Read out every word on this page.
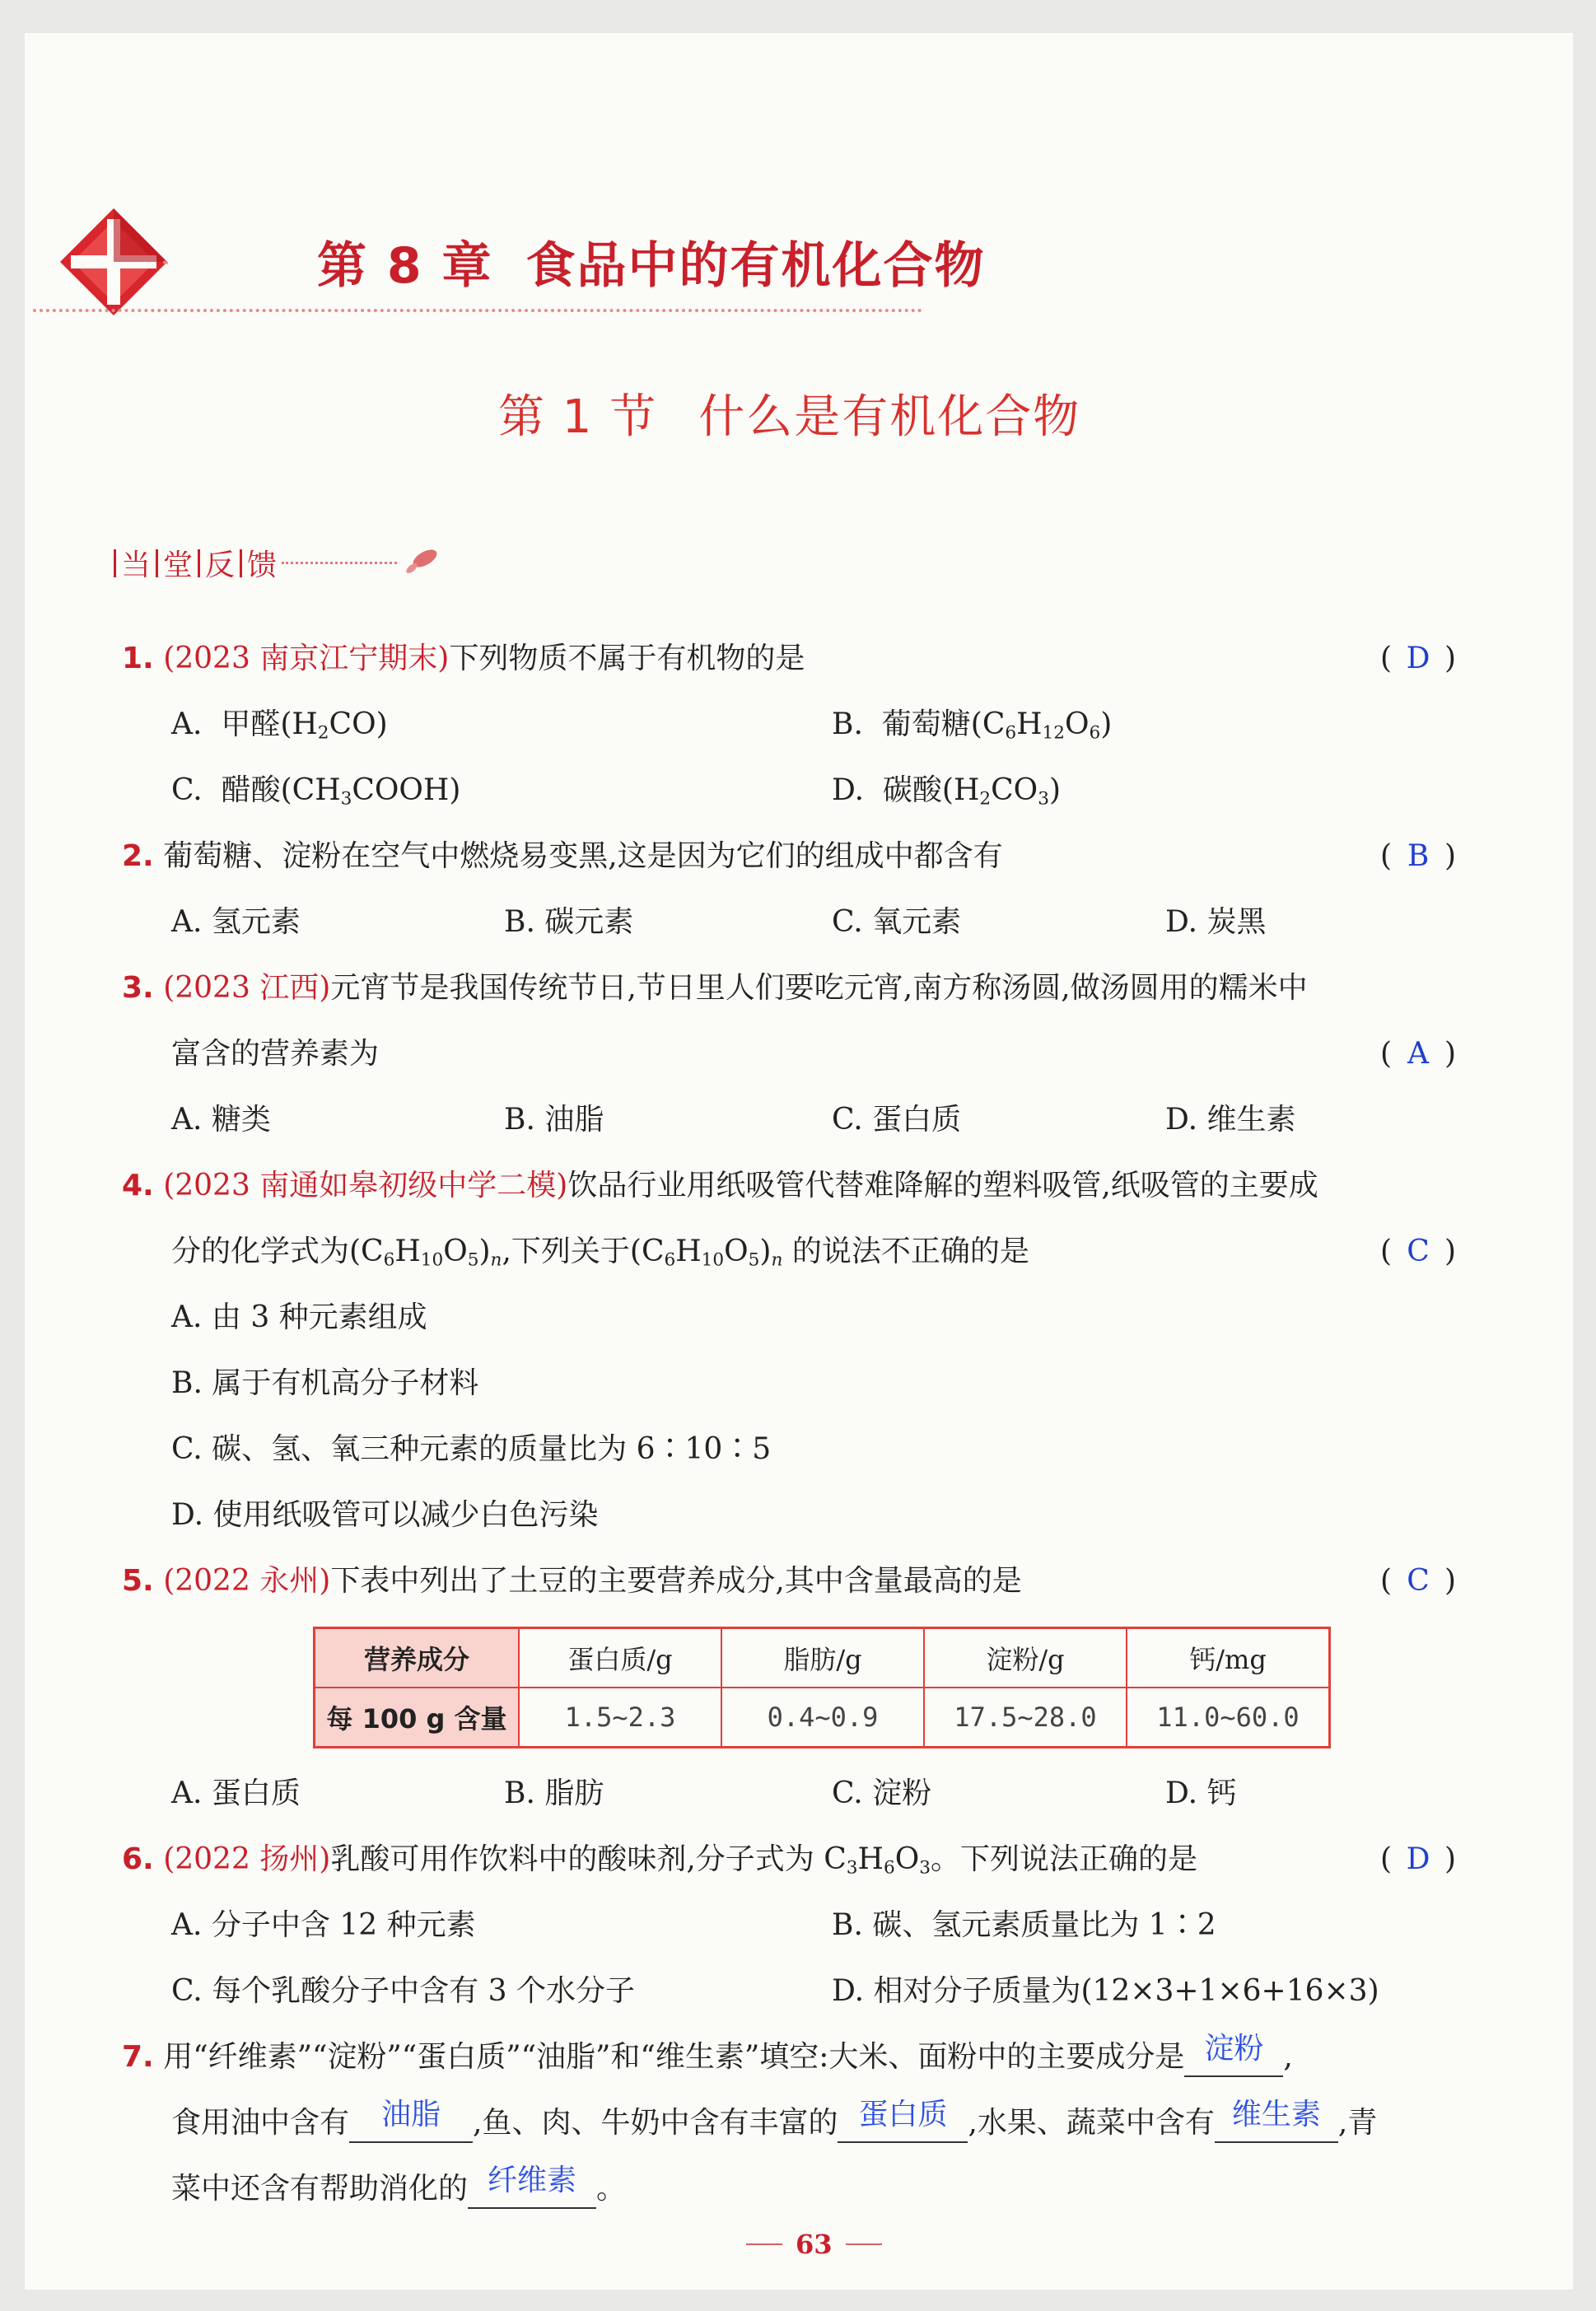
第 8 章 食品中的有机化合物
第 1 节 什么是有机化合物
当 堂 反 馈
1. (2023 南京江宁期末)下列物质不属于有机物的是	( D )
A. 甲醛$(H_2CO)$	B. 葡萄糖$(C_6H_{12}O_6)$
C. 醋酸$(CH_3COOH)$	D. 碳酸$(H_2CO_3)$
2. 葡萄糖、淀粉在空气中燃烧易变黑,这是因为它们的组成中都含有	( B )
A. 氢元素	B. 碳元素	C. 氧元素	D. 炭黑
3. (2023 江西)元宵节是我国传统节日,节日里人们要吃元宵,南方称汤圆,做汤圆用的糯米中
富含的营养素为	( A )
A. 糖类	B. 油脂	C. 蛋白质	D. 维生素
4. (2023 南通如皋初级中学二模)饮品行业用纸吸管代替难降解的塑料吸管,纸吸管的主要成
分的化学式为$(C_6H_{10}O_5)_n$,下列关于$(C_6H_{10}O_5)_n$ 的说法不正确的是	( C )
A. 由 3 种元素组成
B. 属于有机高分子材料
C. 碳、氢、氧三种元素的质量比为 6∶10∶5
D. 使用纸吸管可以减少白色污染
5. (2022 永州)下表中列出了土豆的主要营养成分,其中含量最高的是	( C )
营养成分	蛋白质/g	脂肪/g	淀粉/g	钙/mg
每 100 g 含量	1.5~2.3	0.4~0.9	17.5~28.0	11.0~60.0
A. 蛋白质	B. 脂肪	C. 淀粉	D. 钙
6. (2022 扬州)乳酸可用作饮料中的酸味剂,分子式为 $C_3H_6O_3$。下列说法正确的是	( D )
A. 分子中含 12 种元素	B. 碳、氢元素质量比为 1∶2
C. 每个乳酸分子中含有 3 个水分子	D. 相对分子质量为(12×3+1×6+16×3)
7. 用“纤维素”“淀粉”“蛋白质”“油脂”和“维生素”填空:大米、面粉中的主要成分是 淀粉 ,
食用油中含有 油脂 ,鱼、肉、牛奶中含有丰富的 蛋白质 ,水果、蔬菜中含有 维生素 ,青
菜中还含有帮助消化的 纤维素 。
63
